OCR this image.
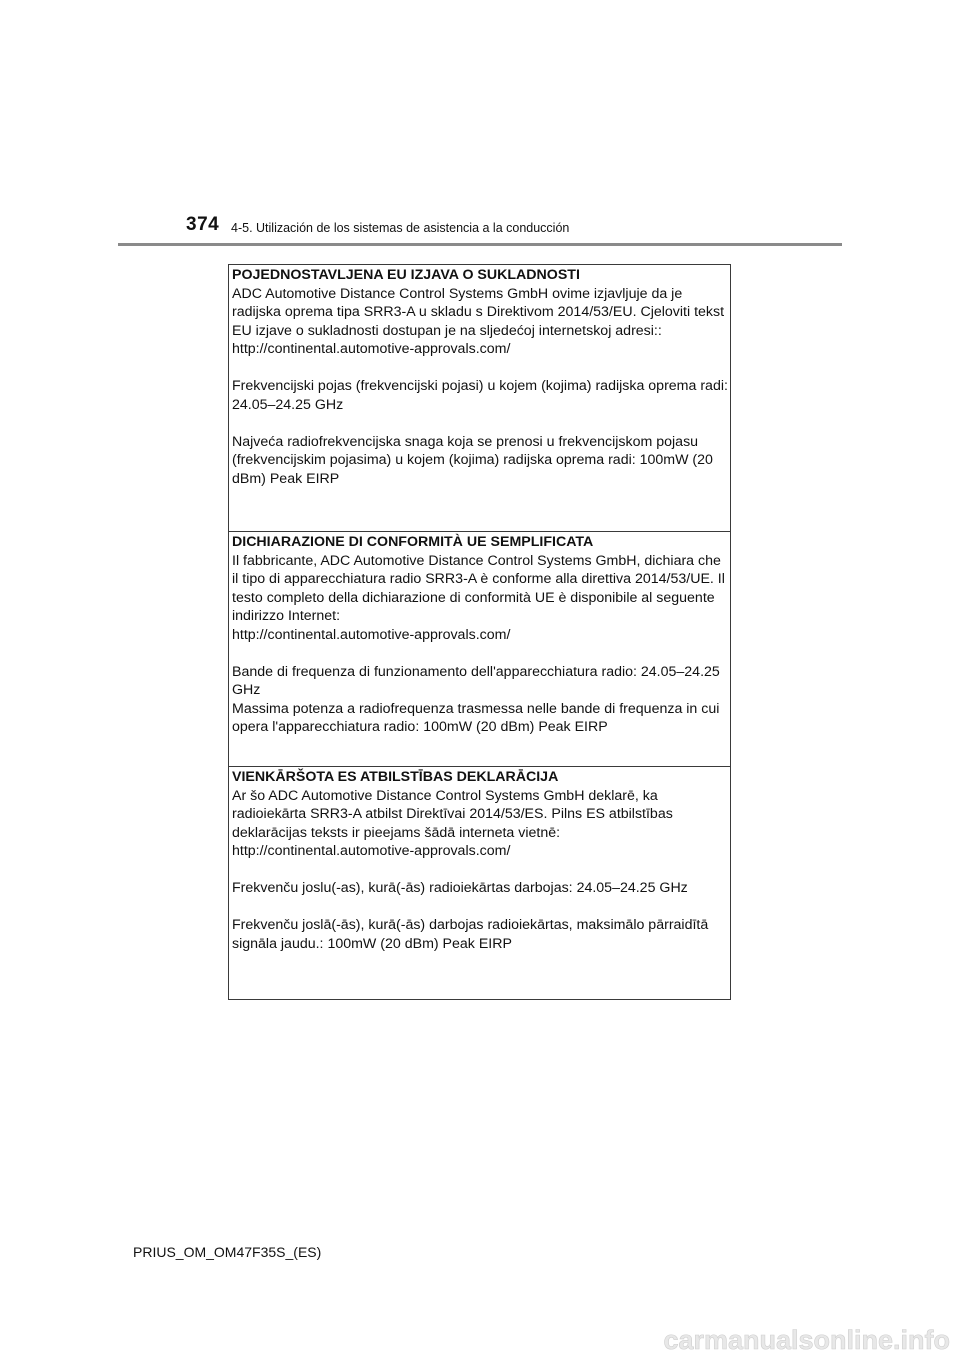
374 4-5. Utilización de los sistemas de asistencia a la conducción
POJEDNOSTAVLJENA EU IZJAVA O SUKLADNOSTI
ADC Automotive Distance Control Systems GmbH ovime izjavljuje da je radijska oprema tipa SRR3-A u skladu s Direktivom 2014/53/EU. Cjeloviti tekst EU izjave o sukladnosti dostupan je na sljedećoj internetskoj adresi::
http://continental.automotive-approvals.com/
Frekvencijski pojas (frekvencijski pojasi) u kojem (kojima) radijska oprema radi: 24.05–24.25 GHz
Najveća radiofrekvencijska snaga koja se prenosi u frekvencijskom pojasu (frekvencijskim pojasima) u kojem (kojima) radijska oprema radi: 100mW (20 dBm) Peak EIRP
DICHIARAZIONE DI CONFORMITÀ UE SEMPLIFICATA
Il fabbricante, ADC Automotive Distance Control Systems GmbH, dichiara che il tipo di apparecchiatura radio SRR3-A è conforme alla direttiva 2014/53/UE. Il testo completo della dichiarazione di conformità UE è disponibile al seguente indirizzo Internet:
http://continental.automotive-approvals.com/
Bande di frequenza di funzionamento dell'apparecchiatura radio: 24.05–24.25 GHz
Massima potenza a radiofrequenza trasmessa nelle bande di frequenza in cui opera l'apparecchiatura radio: 100mW (20 dBm) Peak EIRP
VIENKĀRŠOTA ES ATBILSTĪBAS DEKLARĀCIJA
Ar šo ADC Automotive Distance Control Systems GmbH deklarē, ka radioiekārta SRR3-A atbilst Direktīvai 2014/53/ES. Pilns ES atbilstības deklarācijas teksts ir pieejams šādā interneta vietnē:
http://continental.automotive-approvals.com/
Frekvenču joslu(-as), kurā(-ās) radioiekārtas darbojas: 24.05–24.25 GHz
Frekvenču joslā(-ās), kurā(-ās) darbojas radioiekārtas, maksimālo pārraidītā signāla jaudu.: 100mW (20 dBm) Peak EIRP
PRIUS_OM_OM47F35S_(ES)
carmanualsonline.info
